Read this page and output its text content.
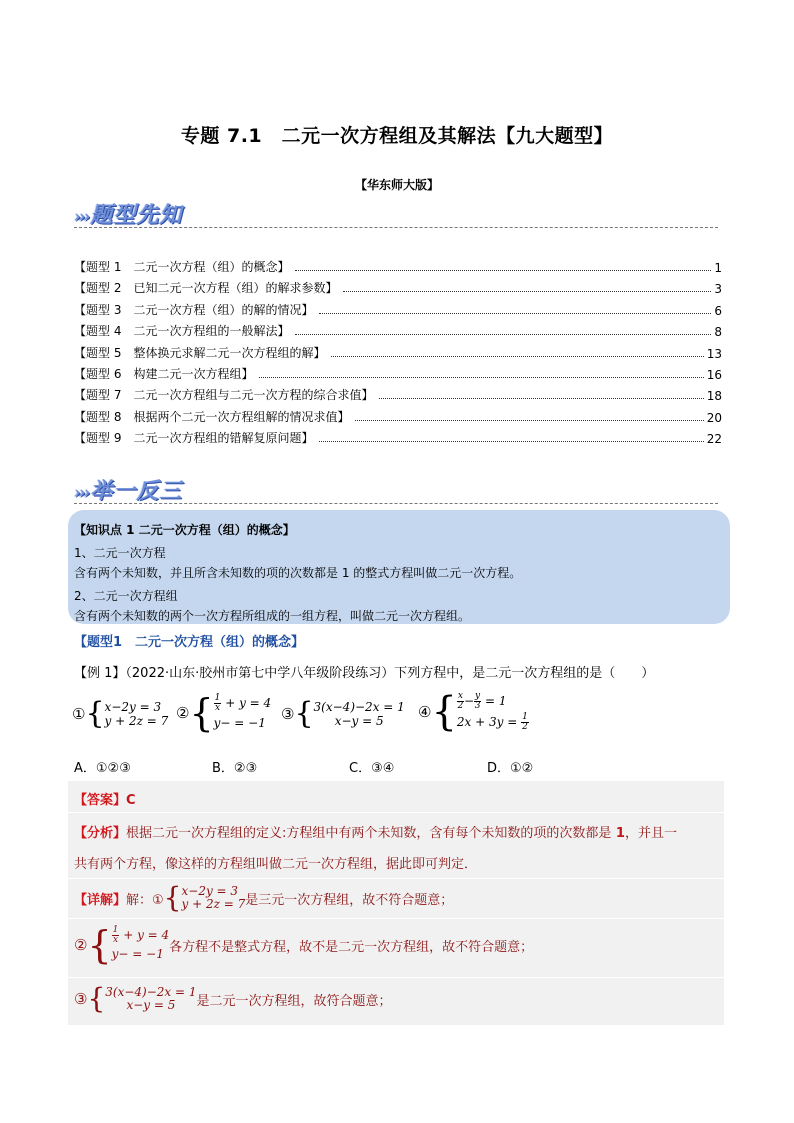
专题 7.1　二元一次方程组及其解法【九大题型】
【华东师大版】
›››题型先知
【题型 1　二元一次方程（组）的概念】	1
【题型 2　已知二元一次方程（组）的解求参数】	3
【题型 3　二元一次方程（组）的解的情况】	6
【题型 4　二元一次方程组的一般解法】	8
【题型 5　整体换元求解二元一次方程组的解】	13
【题型 6　构建二元一次方程组】	16
【题型 7　二元一次方程组与二元一次方程的综合求值】	18
【题型 8　根据两个二元一次方程组解的情况求值】	20
【题型 9　二元一次方程组的错解复原问题】	22
›››举一反三
【知识点 1 二元一次方程（组）的概念】
1、二元一次方程
含有两个未知数，并且所含未知数的项的次数都是 1 的整式方程叫做二元一次方程。
2、二元一次方程组
含有两个未知数的两个一次方程所组成的一组方程，叫做二元一次方程组。
【题型1　二元一次方程（组）的概念】
【例 1】（2022·山东·胶州市第七中学八年级阶段练习）下列方程中，是二元一次方程组的是（　　）
① { x−2y = 3
y + 2z = 7 ② { $\frac{1}{x} + y = 4$
y− = −1	③ { 3(x−4)−2x = 1
x−y = 5	④ { $\frac{x}{2} - \frac{y}{3} = 1$
$2x + 3y = \frac{1}{2}$
A．①②③	B．②③	C．③④	D．①②
【答案】C
【分析】根据二元一次方程组的定义:方程组中有两个未知数，含有每个未知数的项的次数都是 1，并且一
共有两个方程，像这样的方程组叫做二元一次方程组，据此即可判定．
【详解】 解：① { x−2y = 3
y + 2z = 7 是三元一次方程组，故不符合题意；
② { $\frac{1}{x} + y = 4$
y− = −1 各方程不是整式方程，故不是二元一次方程组，故不符合题意；
③ { 3(x−4)−2x = 1
x−y = 5	是二元一次方程组，故符合题意；
